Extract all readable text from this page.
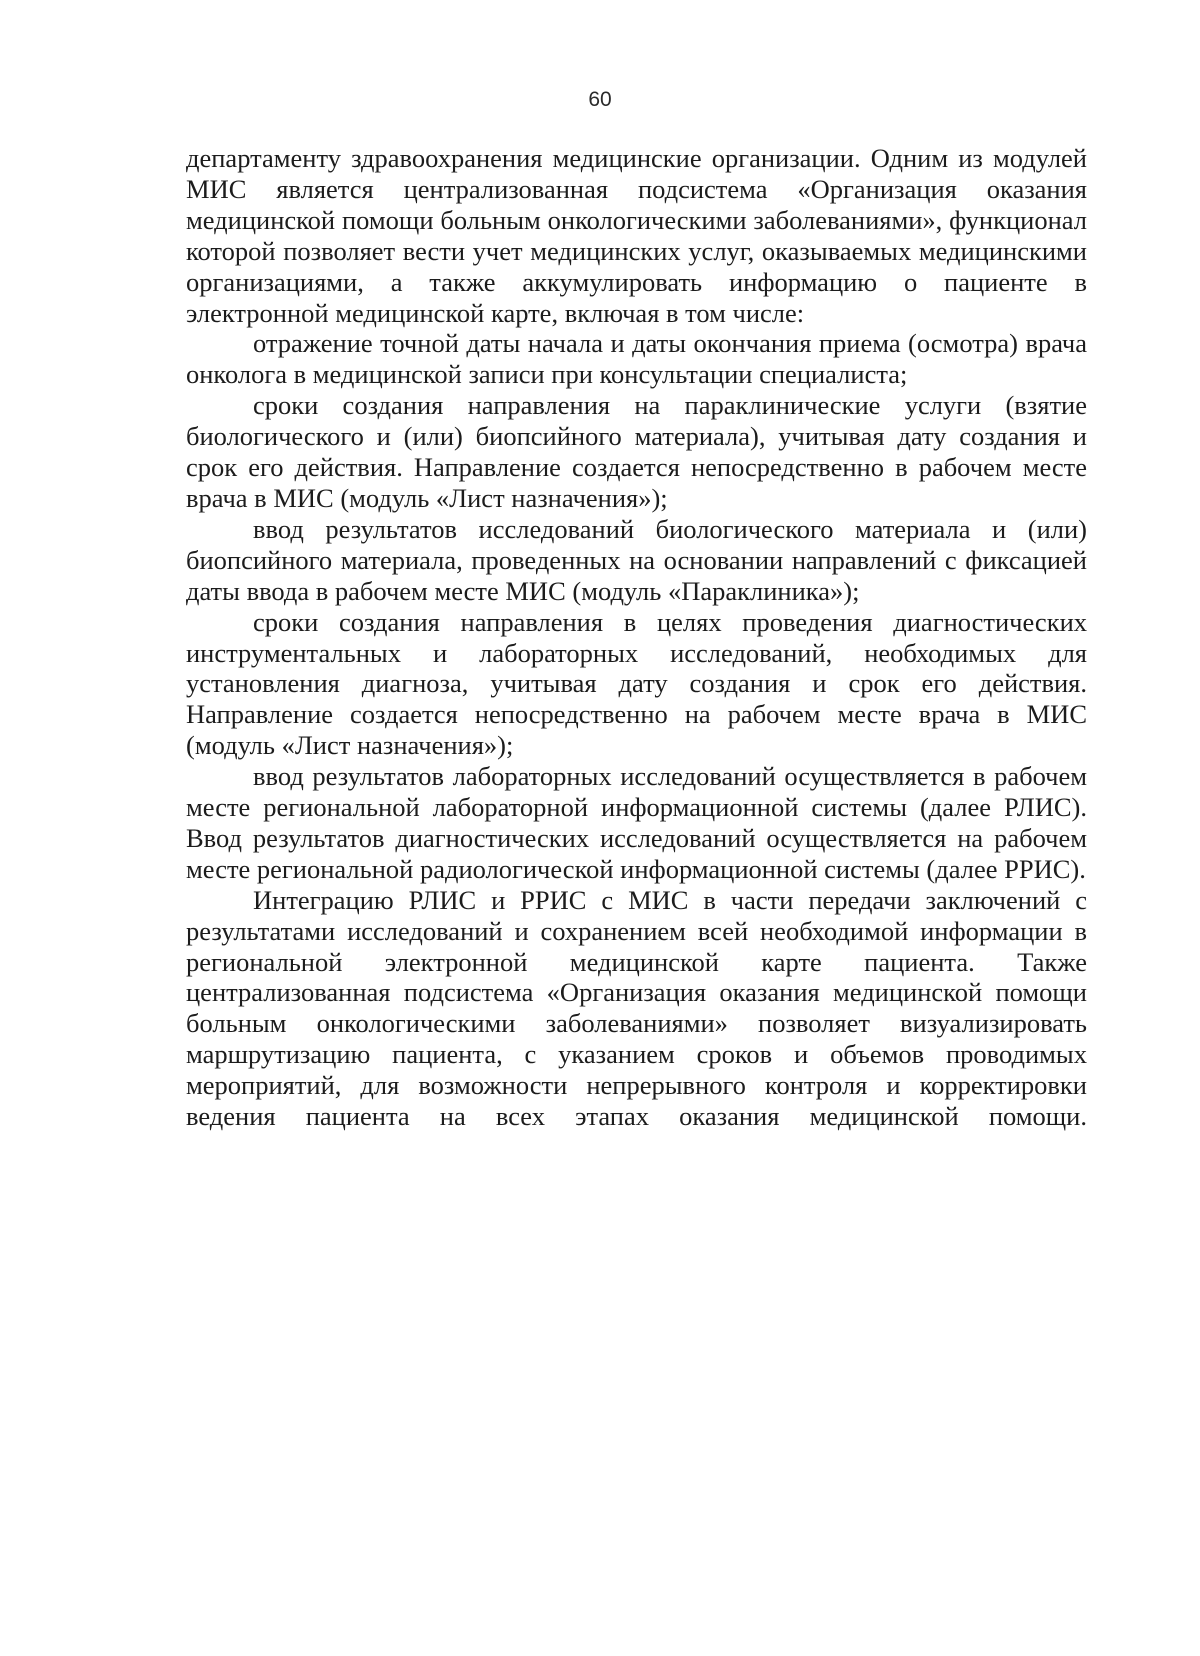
60

департаменту здравоохранения медицинские организации. Одним из модулей МИС является централизованная подсистема «Организация оказания медицинской помощи больным онкологическими заболеваниями», функционал которой позволяет вести учет медицинских услуг, оказываемых медицинскими организациями, а также аккумулировать информацию о пациенте в электронной медицинской карте, включая в том числе:

отражение точной даты начала и даты окончания приема (осмотра) врача онколога в медицинской записи при консультации специалиста;

сроки создания направления на параклинические услуги (взятие биологического и (или) биопсийного материала), учитывая дату создания и срок его действия. Направление создается непосредственно в рабочем месте врача в МИС (модуль «Лист назначения»);

ввод результатов исследований биологического материала и (или) биопсийного материала, проведенных на основании направлений с фиксацией даты ввода в рабочем месте МИС (модуль «Параклиника»);

сроки создания направления в целях проведения диагностических инструментальных и лабораторных исследований, необходимых для установления диагноза, учитывая дату создания и срок его действия. Направление создается непосредственно на рабочем месте врача в МИС (модуль «Лист назначения»);

ввод результатов лабораторных исследований осуществляется в рабочем месте региональной лабораторной информационной системы (далее РЛИС). Ввод результатов диагностических исследований осуществляется на рабочем месте региональной радиологической информационной системы (далее РРИС).

Интеграцию РЛИС и РРИС с МИС в части передачи заключений с результатами исследований и сохранением всей необходимой информации в региональной электронной медицинской карте пациента. Также централизованная подсистема «Организация оказания медицинской помощи больным онкологическими заболеваниями» позволяет визуализировать маршрутизацию пациента, с указанием сроков и объемов проводимых мероприятий, для возможности непрерывного контроля и корректировки ведения пациента на всех этапах оказания медицинской помощи.
